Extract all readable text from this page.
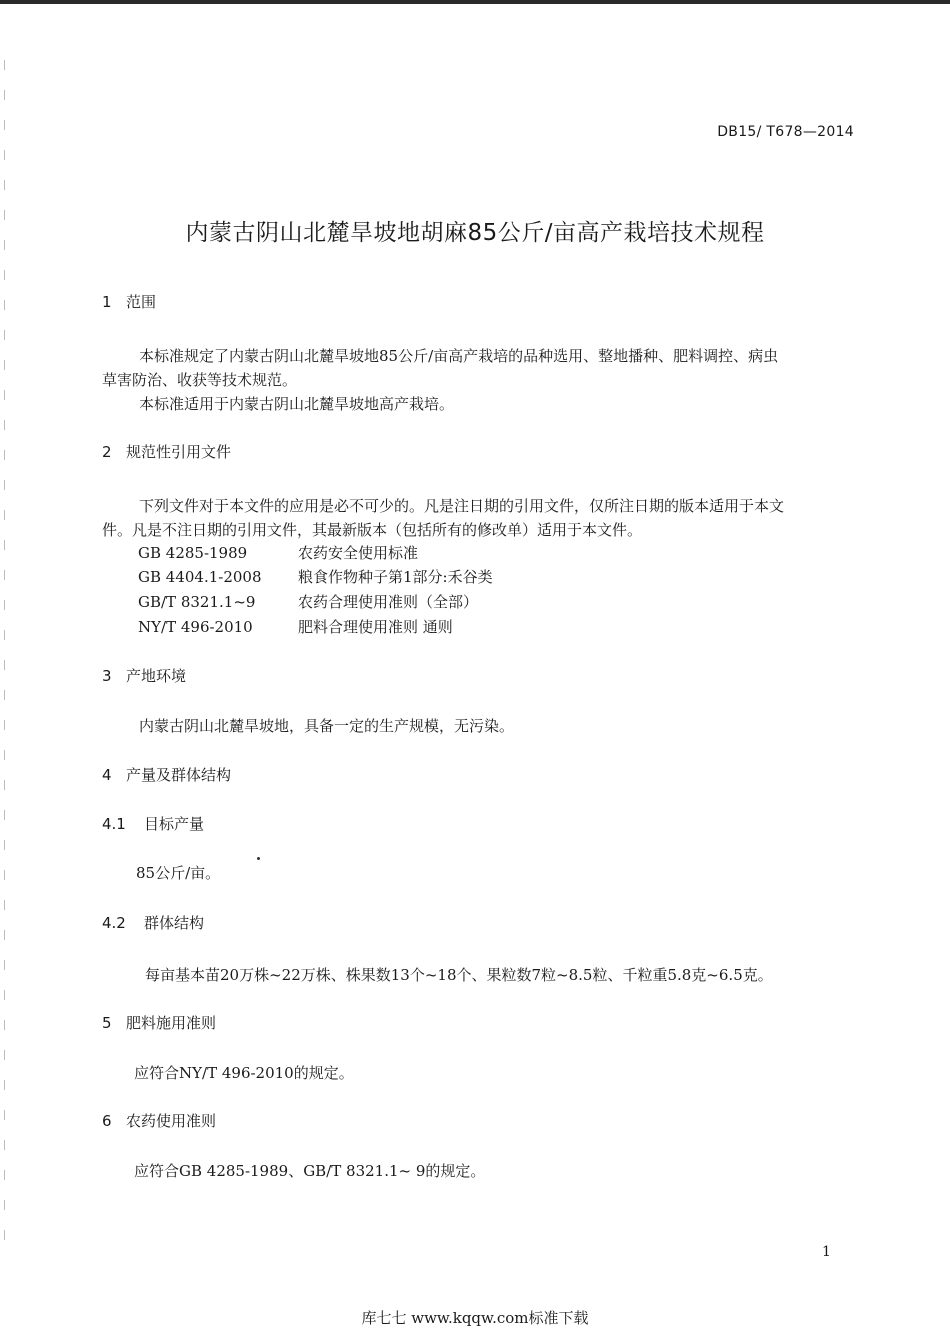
DB15/ T678—2014
内蒙古阴山北麓旱坡地胡麻85公斤/亩高产栽培技术规程
1 范围
本标准规定了内蒙古阴山北麓旱坡地85公斤/亩高产栽培的品种选用、整地播种、肥料调控、病虫
草害防治、收获等技术规范。
本标准适用于内蒙古阴山北麓旱坡地高产栽培。
2 规范性引用文件
下列文件对于本文件的应用是必不可少的。凡是注日期的引用文件，仅所注日期的版本适用于本文
件。凡是不注日期的引用文件，其最新版本（包括所有的修改单）适用于本文件。
GB 4285-1989	农药安全使用标准
GB 4404.1-2008 粮食作物种子第1部分:禾谷类
GB/T 8321.1~9	农药合理使用准则（全部）
NY/T 496-2010	肥料合理使用准则 通则
3 产地环境
内蒙古阴山北麓旱坡地，具备一定的生产规模，无污染。
4 产量及群体结构
4.1 目标产量
85公斤/亩。
4.2 群体结构
每亩基本苗20万株~22万株、株果数13个~18个、果粒数7粒~8.5粒、千粒重5.8克~6.5克。
5 肥料施用准则
应符合NY/T 496-2010的规定。
6 农药使用准则
应符合GB 4285-1989、GB/T 8321.1~ 9的规定。
1
库七七 www.kqqw.com标准下载
